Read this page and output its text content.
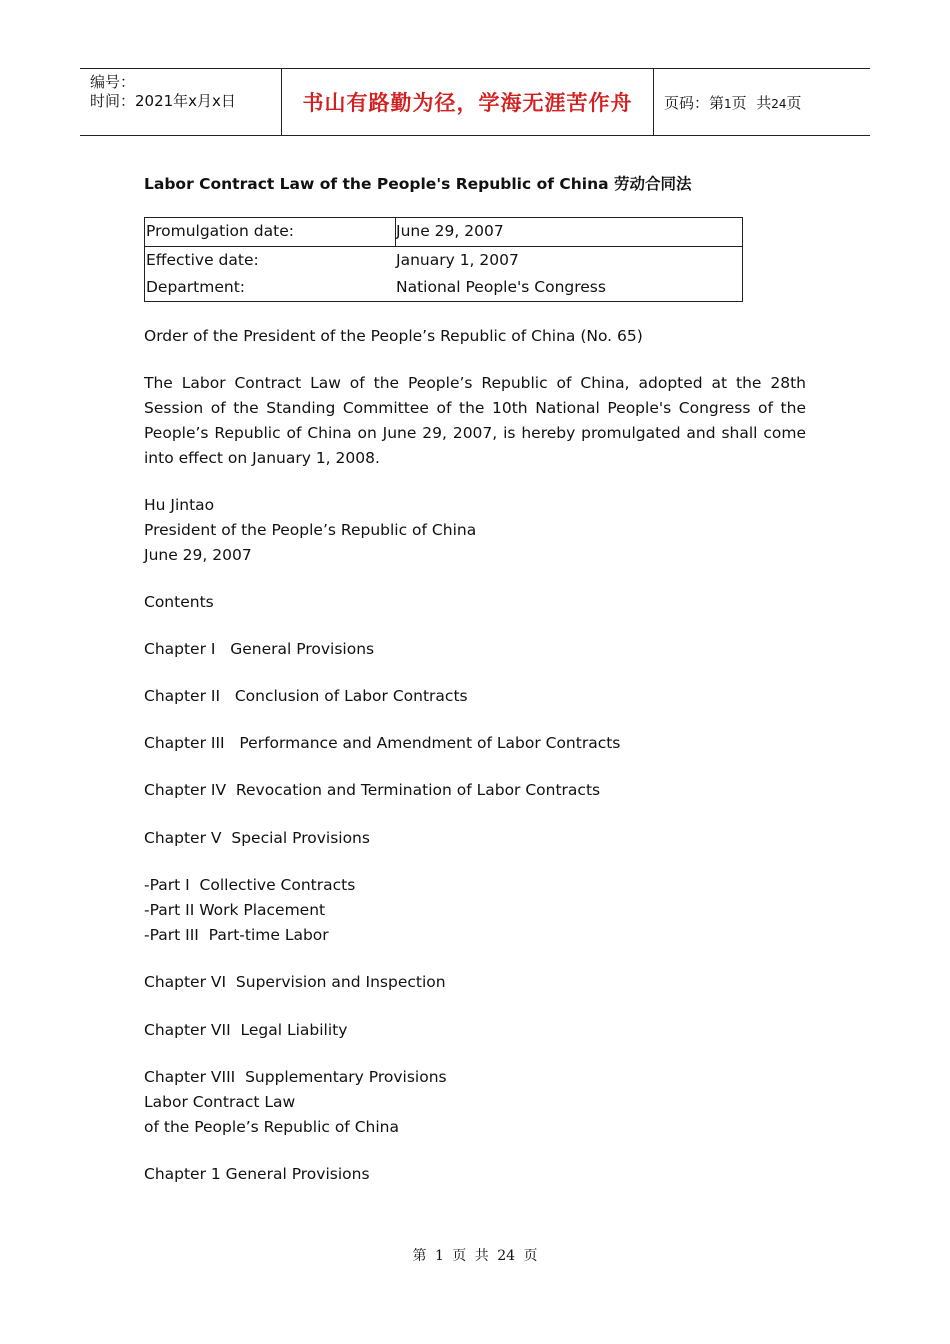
编号：
时间：2021年x月x日	书山有路勤为径，学海无涯苦作舟 页码：第1页  共24页
Labor Contract Law of the People's Republic of China 劳动合同法
Promulgation date:	June 29, 2007
Effective date:	January 1, 2007
Department:	National People's Congress
Order of the President of the People’s Republic of China (No. 65)
The Labor Contract Law of the People’s Republic of China, adopted at the 28th Session of the Standing Committee of the 10th National People's Congress of the People’s Republic of China on June 29, 2007, is hereby promulgated and shall come into effect on January 1, 2008.
Hu Jintao
President of the People’s Republic of China
June 29, 2007
Contents
Chapter I   General Provisions
Chapter II   Conclusion of Labor Contracts
Chapter III   Performance and Amendment of Labor Contracts
Chapter IV  Revocation and Termination of Labor Contracts
Chapter V  Special Provisions
-Part I  Collective Contracts
-Part II Work Placement
-Part III  Part-time Labor
Chapter VI  Supervision and Inspection
Chapter VII  Legal Liability
Chapter VIII  Supplementary Provisions
Labor Contract Law
of the People’s Republic of China
Chapter 1 General Provisions
第 1 页 共 24 页
